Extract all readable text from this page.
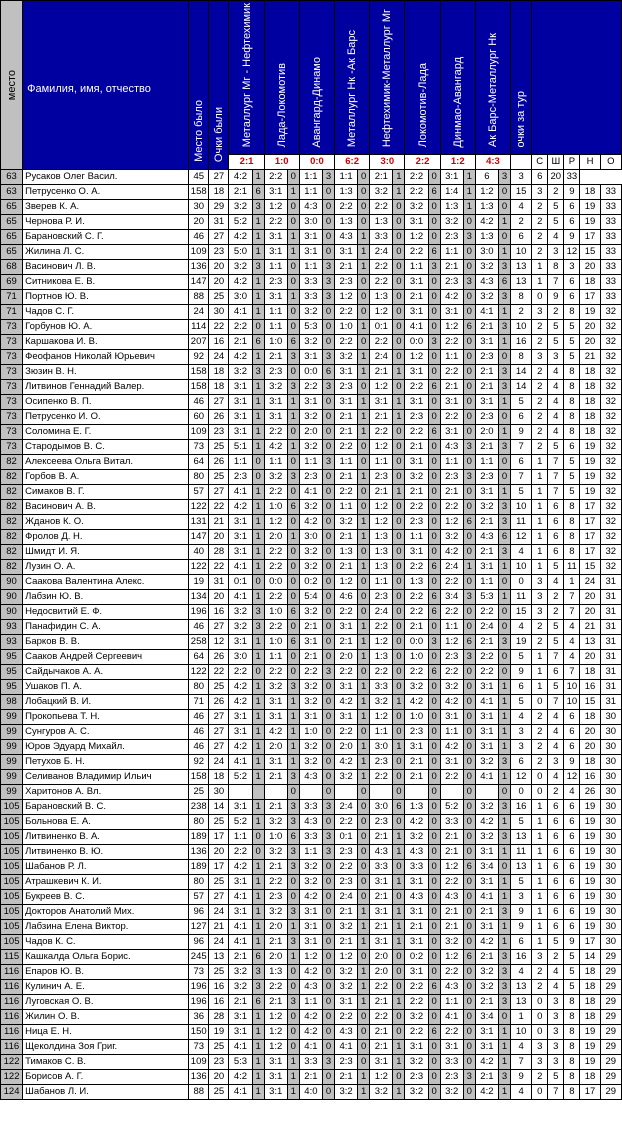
место	Фамилия, имя, отчество	Место было	Очки были	Металлург Мг - Нефтехимик		Лада-Локомотив		Авангард-Динамо		Металлург Нк -Ак Барс		Нефтехимик-Металлург Мг		Локомотив-Лада		Динмао-Авангард		Ак Барс-Металлург Нк		очки за тур					
				2:1		1:0		0:0		6:2		3:0		2:2		1:2		4:3			С	Ш	Р	Н	О
63	Русаков Олег Васил.	45	27	4:2	1	2:2	0	1:1	3	1:1	0	2:1	1	2:2	0	3:1	1	6	3	3	6	20	33		
63	Петрусенко О. А.	158	18	2:1	6	3:1	1	1:1	0	1:3	0	3:2	1	2:2	6	1:4	1	1:2	0	15	3	2	9	18	33
65	Зверев К. А.	30	29	3:2	3	1:2	0	4:3	0	2:2	0	2:2	0	3:2	0	1:3	1	1:3	0	4	2	5	6	19	33
65	Чернова Р. И.	20	31	5:2	1	2:2	0	3:0	0	1:3	0	1:3	0	3:1	0	3:2	0	4:2	1	2	2	5	6	19	33
65	Барановский С. Г.	46	27	4:2	1	3:1	1	3:1	0	4:3	1	3:3	0	1:2	0	2:3	3	1:3	0	6	2	4	9	17	33
65	Жилина Л. С.	109	23	5:0	1	3:1	1	3:1	0	3:1	1	2:4	0	2:2	6	1:1	0	3:0	1	10	2	3	12	15	33
68	Васинович Л. В.	136	20	3:2	3	1:1	0	1:1	3	2:1	1	2:2	0	1:1	3	2:1	0	3:2	3	13	1	8	3	20	33
69	Ситникова Е. В.	147	20	4:2	1	2:3	0	3:3	3	2:3	0	2:2	0	3:1	0	2:3	3	4:3	6	13	1	7	6	18	33
71	Портнов Ю. В.	88	25	3:0	1	3:1	1	3:3	3	1:2	0	1:3	0	2:1	0	4:2	0	3:2	3	8	0	9	6	17	33
71	Чадов С. Г.	24	30	4:1	1	1:1	0	3:2	0	2:2	0	1:2	0	3:1	0	3:1	0	4:1	1	2	3	2	8	19	32
73	Горбунов Ю. А.	114	22	2:2	0	1:1	0	5:3	0	1:0	1	0:1	0	4:1	0	1:2	6	2:1	3	10	2	5	5	20	32
73	Каршакова И. В.	207	16	2:1	6	1:0	6	3:2	0	2:2	0	2:2	0	0:0	3	2:2	0	3:1	1	16	2	5	5	20	32
73	Феофанов Николай Юрьевич	92	24	4:2	1	2:1	3	3:1	3	3:2	1	2:4	0	1:2	0	1:1	0	2:3	0	8	3	3	5	21	32
73	Зюзин В. Н.	158	18	3:2	3	2:3	0	0:0	6	3:1	1	2:1	1	3:1	0	2:2	0	2:1	3	14	2	4	8	18	32
73	Литвинов Геннадий Валер.	158	18	3:1	1	3:2	3	2:2	3	2:3	0	1:2	0	2:2	6	2:1	0	2:1	3	14	2	4	8	18	32
73	Осипенко В. П.	46	27	3:1	1	3:1	1	3:1	0	3:1	1	3:1	1	3:1	0	3:1	0	3:1	1	5	2	4	8	18	32
73	Петрусенко И. О.	60	26	3:1	1	3:1	1	3:2	0	2:1	1	2:1	1	2:3	0	2:2	0	2:3	0	6	2	4	8	18	32
73	Соломина Е. Г.	109	23	3:1	1	2:2	0	2:0	0	2:1	1	2:2	0	2:2	6	3:1	0	2:0	1	9	2	4	8	18	32
73	Стародымов В. С.	73	25	5:1	1	4:2	1	3:2	0	2:2	0	1:2	0	2:1	0	4:3	3	2:1	3	7	2	5	6	19	32
82	Алексеева Ольга Витал.	64	26	1:1	0	1:1	0	1:1	3	1:1	0	1:1	0	3:1	0	1:1	0	1:1	0	6	1	7	5	19	32
82	Горбов В. А.	80	25	2:3	0	3:2	3	2:3	0	2:1	1	2:3	0	3:2	0	2:3	3	2:3	0	7	1	7	5	19	32
82	Симаков В. Г.	57	27	4:1	1	2:2	0	4:1	0	2:2	0	2:1	1	2:1	0	2:1	0	3:1	1	5	1	7	5	19	32
82	Васинович А. В.	122	22	4:2	1	1:0	6	3:2	0	1:1	0	1:2	0	2:2	0	2:2	0	3:2	3	10	1	6	8	17	32
82	Жданов К. О.	131	21	3:1	1	1:2	0	4:2	0	3:2	1	1:2	0	2:3	0	1:2	6	2:1	3	11	1	6	8	17	32
82	Фролов Д. Н.	147	20	3:1	1	2:0	1	3:0	0	2:1	1	1:3	0	1:1	0	3:2	0	4:3	6	12	1	6	8	17	32
82	Шмидт И. Я.	40	28	3:1	1	2:2	0	3:2	0	1:3	0	1:3	0	3:1	0	4:2	0	2:1	3	4	1	6	8	17	32
82	Лузин О. А.	122	22	4:1	1	2:2	0	3:2	0	2:1	1	1:3	0	2:2	6	2:4	1	3:1	1	10	1	5	11	15	32
90	Саакова Валентина Алекс.	19	31	0:1	0	0:0	0	0:2	0	1:2	0	1:1	0	1:3	0	2:2	0	1:1	0	0	3	4	1	24	31
90	Лабзин Ю. В.	134	20	4:1	1	2:2	0	5:4	0	4:6	0	2:3	0	2:2	6	3:4	3	5:3	1	11	3	2	7	20	31
90	Недосвитий Е. Ф.	196	16	3:2	3	1:0	6	3:2	0	2:2	0	2:4	0	2:2	6	2:2	0	2:2	0	15	3	2	7	20	31
93	Панафидин С. А.	46	27	3:2	3	2:2	0	2:1	0	3:1	1	2:2	0	2:1	0	1:1	0	2:4	0	4	2	5	4	21	31
93	Барков В. В.	258	12	3:1	1	1:0	6	3:1	0	2:1	1	1:2	0	0:0	3	1:2	6	2:1	3	19	2	5	4	13	31
95	Сааков Андрей Сергеевич	64	26	3:0	1	1:1	0	2:1	0	2:0	1	1:3	0	1:0	0	2:3	3	2:2	0	5	1	7	4	20	31
95	Сайдычаков А. А.	122	22	2:2	0	2:2	0	2:2	3	2:2	0	2:2	0	2:2	6	2:2	0	2:2	0	9	1	6	7	18	31
95	Ушаков П. А.	80	25	4:2	1	3:2	3	3:2	0	3:1	1	3:3	0	3:2	0	3:2	0	3:1	1	6	1	5	10	16	31
98	Лобацкий В. И.	71	26	4:2	1	3:1	1	3:2	0	4:2	1	3:2	1	4:2	0	4:2	0	4:1	1	5	0	7	10	15	31
99	Прокопьева Т. Н.	46	27	3:1	1	3:1	1	3:1	0	3:1	1	1:2	0	1:0	0	3:1	0	3:1	1	4	2	4	6	18	30
99	Сунгуров А. С.	46	27	3:1	1	4:2	1	1:0	0	2:2	0	1:1	0	2:3	0	1:1	0	3:1	1	3	2	4	6	20	30
99	Юров Эдуард Михайл.	46	27	4:2	1	2:0	1	3:2	0	2:0	1	3:0	1	3:1	0	4:2	0	3:1	1	3	2	4	6	20	30
99	Петухов Б. Н.	92	24	4:1	1	3:1	1	3:2	0	4:2	1	2:3	0	2:1	0	3:1	0	3:2	3	6	2	3	9	18	30
99	Селиванов Владимир Ильич	158	18	5:2	1	2:1	3	4:3	0	3:2	1	2:2	0	2:1	0	2:2	0	4:1	1	12	0	4	12	16	30
99	Харитонов А. Вл.	25	30				0		0		0		0		0		0		0	0	0	2	4	26	30
105	Барановский В. С.	238	14	3:1	1	2:1	3	3:3	3	2:4	0	3:0	6	1:3	0	5:2	0	3:2	3	16	1	6	6	19	30
105	Больнова Е. А.	80	25	5:2	1	3:2	3	4:3	0	2:2	0	2:3	0	4:2	0	3:3	0	4:2	1	5	1	6	6	19	30
105	Литвиненко В. А.	189	17	1:1	0	1:0	6	3:3	3	0:1	0	2:1	1	3:2	0	2:1	0	3:2	3	13	1	6	6	19	30
105	Литвиненко В. Ю.	136	20	2:2	0	3:2	3	1:1	3	2:3	0	4:3	1	4:3	0	2:1	0	3:1	1	11	1	6	6	19	30
105	Шабанов Р. Л.	189	17	4:2	1	2:1	3	3:2	0	2:2	0	3:3	0	3:3	0	1:2	6	3:4	0	13	1	6	6	19	30
105	Атрашкевич К. И.	80	25	3:1	1	2:2	0	3:2	0	2:3	0	3:1	1	3:1	0	2:2	0	3:1	1	5	1	6	6	19	30
105	Букреев В. С.	57	27	4:1	1	2:3	0	4:2	0	2:4	0	2:1	0	4:3	0	4:3	0	4:1	1	3	1	6	6	19	30
105	Докторов Анатолий Мих.	96	24	3:1	1	3:2	3	3:1	0	2:1	1	3:1	1	3:1	0	2:1	0	2:1	3	9	1	6	6	19	30
105	Лабзина Елена Виктор.	127	21	4:1	1	2:0	1	3:1	0	3:2	1	2:1	1	2:1	0	2:1	0	3:1	1	9	1	6	6	19	30
105	Чадов К. С.	96	24	4:1	1	2:1	3	3:1	0	2:1	1	3:1	1	3:1	0	3:2	0	4:2	1	6	1	5	9	17	30
115	Кашкалда Ольга Борис.	245	13	2:1	6	2:0	1	1:2	0	1:2	0	2:0	0	0:2	0	1:2	6	2:1	3	16	3	2	5	14	29
116	Епаров Ю. В.	73	25	3:2	3	1:3	0	4:2	0	3:2	1	2:0	0	3:1	0	2:2	0	3:2	3	4	2	4	5	18	29
116	Кулинич А. Е.	196	16	3:2	3	2:2	0	4:3	0	3:2	1	2:2	0	2:2	6	4:3	0	3:2	3	13	2	4	5	18	29
116	Луговская О. В.	196	16	2:1	6	2:1	3	1:1	0	3:1	1	2:1	1	2:2	0	1:1	0	2:1	3	13	0	3	8	18	29
116	Жилин О. В.	36	28	3:1	1	1:2	0	4:2	0	2:2	0	2:2	0	3:2	0	4:1	0	3:4	0	1	0	3	8	18	29
116	Ница Е. Н.	150	19	3:1	1	1:2	0	4:2	0	4:3	0	2:1	0	2:2	6	2:2	0	3:1	1	10	0	3	8	19	29
116	Щеколдина Зоя Григ.	73	25	4:1	1	1:2	0	4:1	0	4:1	0	2:1	1	3:1	0	3:1	0	3:1	1	4	3	3	8	19	29
122	Тимаков С. В.	109	23	5:3	1	3:1	1	3:3	3	2:3	0	3:1	1	3:2	0	3:3	0	4:2	1	7	3	3	8	19	29
122	Борисов А. Г.	136	20	4:2	1	3:1	1	2:1	0	2:1	1	1:2	0	2:3	0	2:3	3	2:1	3	9	2	5	8	18	29
124	Шабанов Л. И.	88	25	4:1	1	3:1	1	4:0	0	3:2	1	3:2	1	3:2	0	3:2	0	4:2	1	4	0	7	8	17	29
